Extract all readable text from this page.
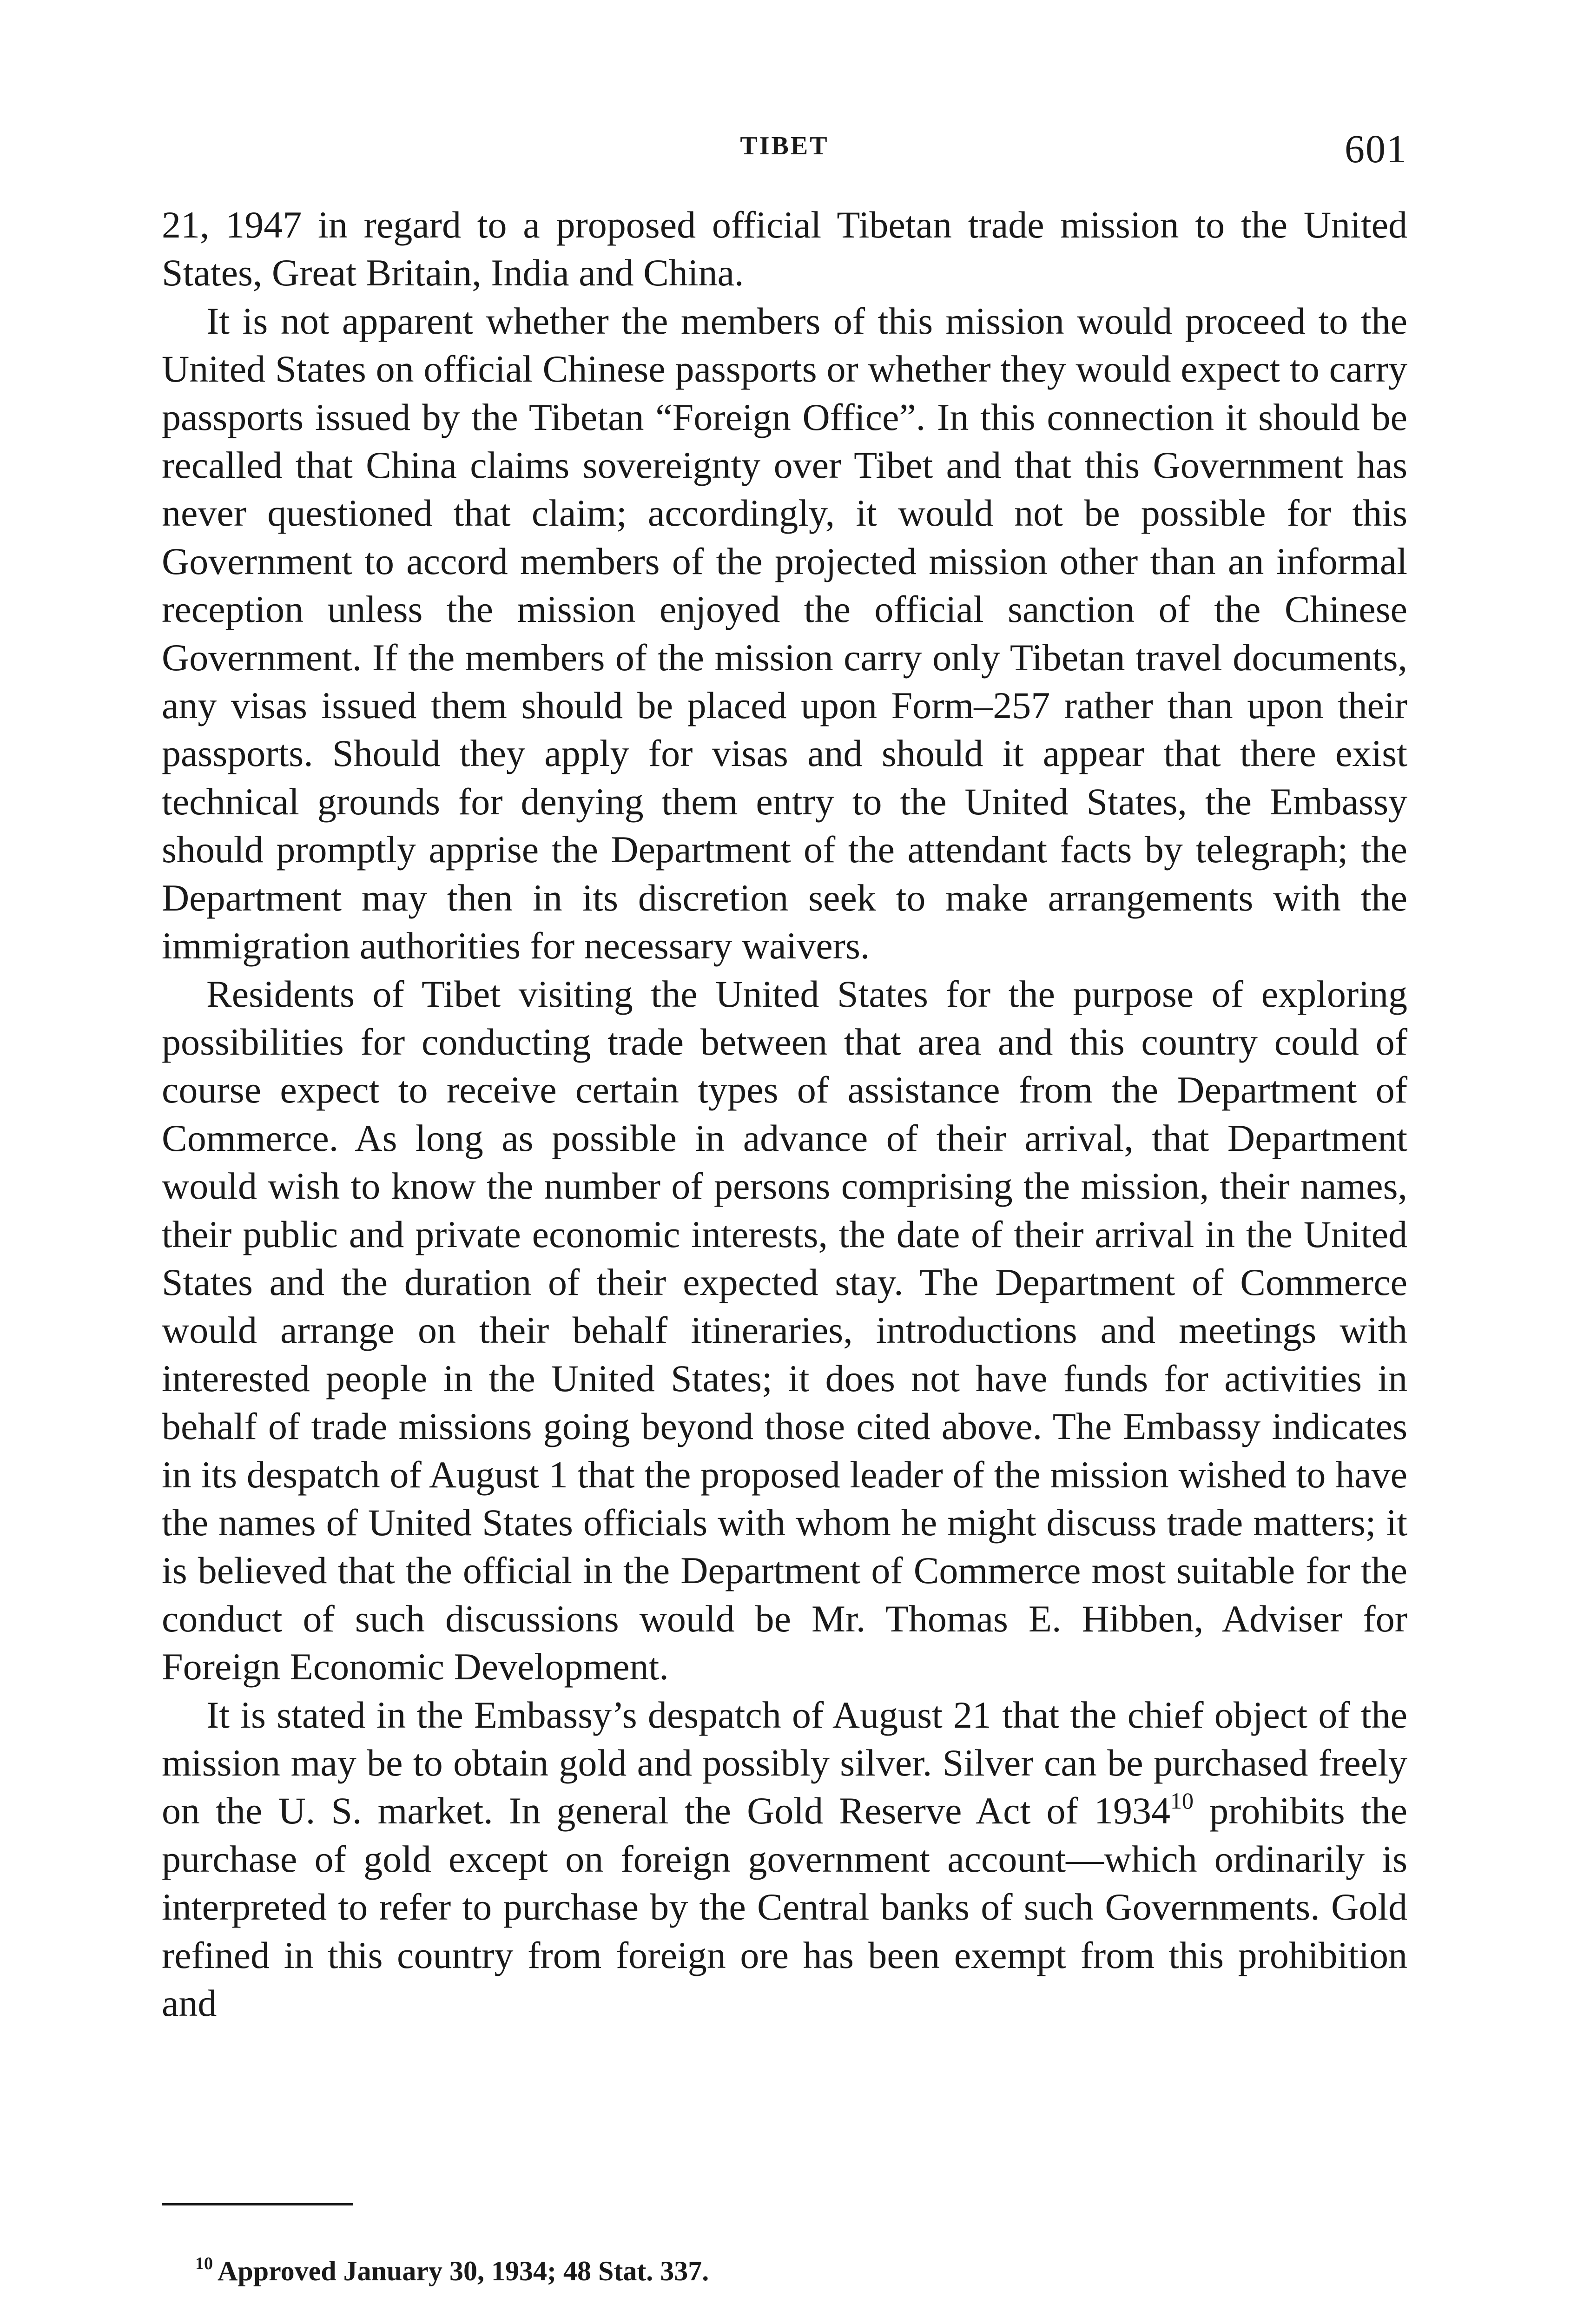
TIBET	601

21, 1947 in regard to a proposed official Tibetan trade mission to the United States, Great Britain, India and China.

It is not apparent whether the members of this mission would proceed to the United States on official Chinese passports or whether they would expect to carry passports issued by the Tibetan “Foreign Office”. In this connection it should be recalled that China claims sovereignty over Tibet and that this Government has never questioned that claim; accordingly, it would not be possible for this Government to accord members of the projected mission other than an informal reception unless the mission enjoyed the official sanction of the Chinese Government. If the members of the mission carry only Tibetan travel documents, any visas issued them should be placed upon Form–257 rather than upon their passports. Should they apply for visas and should it appear that there exist technical grounds for denying them entry to the United States, the Embassy should promptly apprise the Department of the attendant facts by telegraph; the Department may then in its discretion seek to make arrangements with the immigration authorities for necessary waivers.

Residents of Tibet visiting the United States for the purpose of exploring possibilities for conducting trade between that area and this country could of course expect to receive certain types of assistance from the Department of Commerce. As long as possible in advance of their arrival, that Department would wish to know the number of persons comprising the mission, their names, their public and private economic interests, the date of their arrival in the United States and the duration of their expected stay. The Department of Commerce would arrange on their behalf itineraries, introductions and meetings with interested people in the United States; it does not have funds for activities in behalf of trade missions going beyond those cited above. The Embassy indicates in its despatch of August 1 that the proposed leader of the mission wished to have the names of United States officials with whom he might discuss trade matters; it is believed that the official in the Department of Commerce most suitable for the conduct of such discussions would be Mr. Thomas E. Hibben, Adviser for Foreign Economic Development.

It is stated in the Embassy’s despatch of August 21 that the chief object of the mission may be to obtain gold and possibly silver. Silver can be purchased freely on the U. S. market. In general the Gold Reserve Act of 1934$^{10}$ prohibits the purchase of gold except on foreign government account—which ordinarily is interpreted to refer to purchase by the Central banks of such Governments. Gold refined in this country from foreign ore has been exempt from this prohibition and

$^{10}$ Approved January 30, 1934; 48 Stat. 337.
